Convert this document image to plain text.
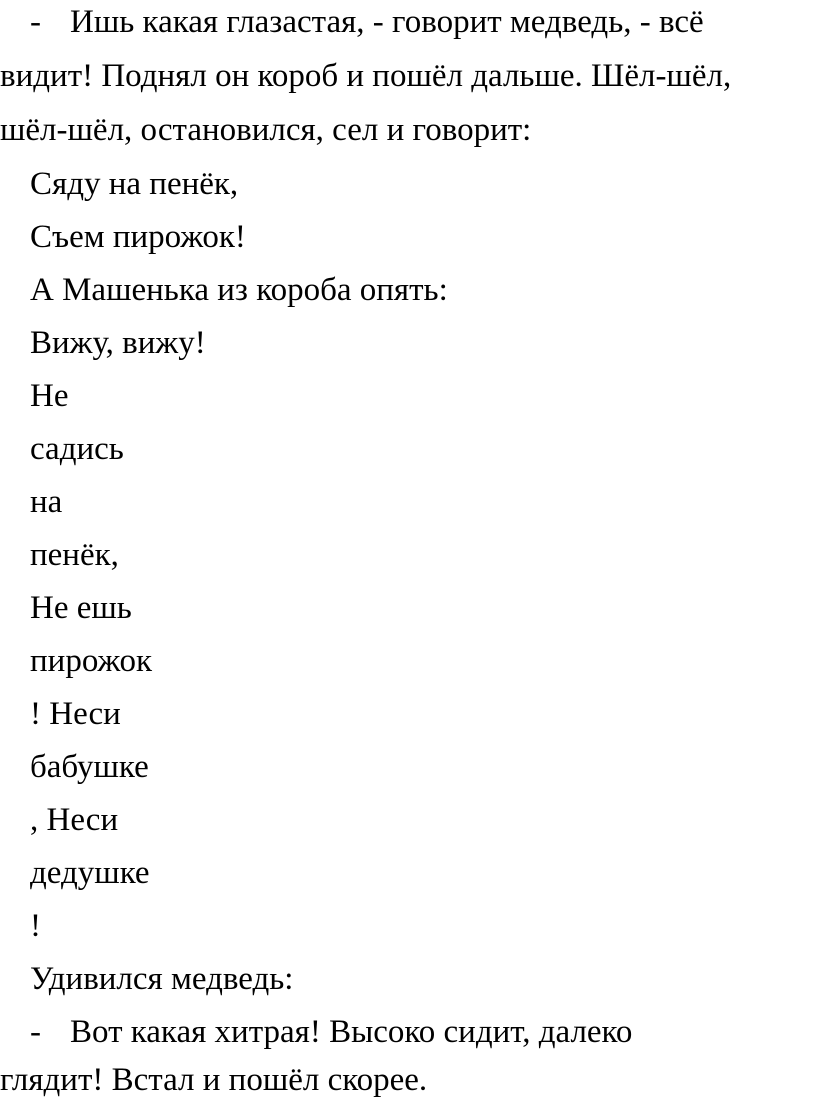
- Ишь какая глазастая, - говорит медведь, - всё
видит! Поднял он короб и пошёл дальше. Шёл-шёл,
шёл-шёл, остановился, сел и говорит:
Сяду на пенёк,
Съем пирожок!
А Машенька из короба опять:
Вижу, вижу!
Не
садись
на
пенёк,
Не ешь
пирожок
! Неси
бабушке
, Неси
дедушке
!
Удивился медведь:
- Вот какая хитрая! Высоко сидит, далеко
глядит! Встал и пошёл скорее.
